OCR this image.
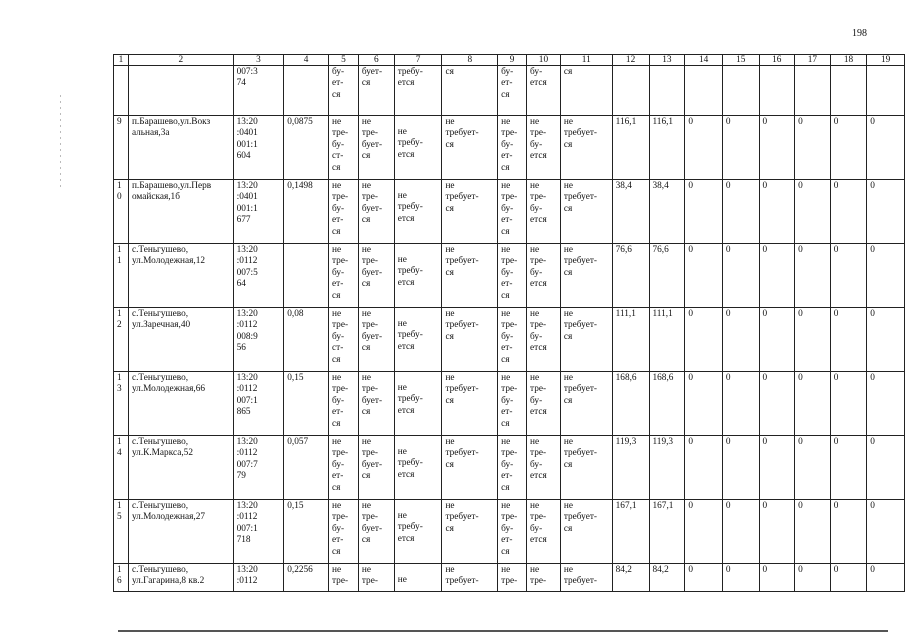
198
1	2	3	4	5	6	7	8	9	10	11	12	13	14	15	16	17	18	19

		007:3
74		бу-
ет-
ся	бует-
ся	требу-
ется	ся	бу-
ет-
ся	бу-
ется	ся								

9	п.Барашево,ул.Вокз
альная,3а	13:20
:0401
001:1
604	0,0875	не
тре-
бу-
ст-
ся	не
тре-
бует-
ся	не
требу-
ется	не
требует-
ся	не
тре-
бу-
ет-
ся	не
тре-
бу-
ется	не
требует-
ся	116,1	116,1	0	0	0	0	0	0

1
0	п.Барашево,ул.Перв
омайская,1б	13:20
:0401
001:1
677	0,1498	не
тре-
бу-
ет-
ся	не
тре-
бует-
ся	не
требу-
ется	не
требует-
ся	не
тре-
бу-
ет-
ся	не
тре-
бу-
ется	не
требует-
ся	38,4	38,4	0	0	0	0	0	0

1
1	с.Теньгушево,
ул.Молодежная,12	13:20
:0112
007:5
64		не
тре-
бу-
ет-
ся	не
тре-
бует-
ся	не
требу-
ется	не
требует-
ся	не
тре-
бу-
ет-
ся	не
тре-
бу-
ется	не
требует-
ся	76,6	76,6	0	0	0	0	0	0

1
2	с.Теньгушево,
ул.Заречная,40	13:20
:0112
008:9
56	0,08	не
тре-
бу-
ст-
ся	не
тре-
бует-
ся	не
требу-
ется	не
требует-
ся	не
тре-
бу-
ет-
ся	не
тре-
бу-
ется	не
требует-
ся	111,1	111,1	0	0	0	0	0	0

1
3	с.Теньгушево,
ул.Молодежная,66	13:20
:0112
007:1
865	0,15	не
тре-
бу-
ет-
ся	не
тре-
бует-
ся	не
требу-
ется	не
требует-
ся	не
тре-
бу-
ет-
ся	не
тре-
бу-
ется	не
требует-
ся	168,6	168,6	0	0	0	0	0	0

1
4	с.Теньгушево,
ул.К.Маркса,52	13:20
:0112
007:7
79	0,057	не
тре-
бу-
ет-
ся	не
тре-
бует-
ся	не
требу-
ется	не
требует-
ся	не
тре-
бу-
ет-
ся	не
тре-
бу-
ется	не
требует-
ся	119,3	119,3	0	0	0	0	0	0

1
5	с.Теньгушево,
ул.Молодежная,27	13:20
:0112
007:1
718	0,15	не
тре-
бу-
ет-
ся	не
тре-
бует-
ся	не
требу-
ется	не
требует-
ся	не
тре-
бу-
ет-
ся	не
тре-
бу-
ется	не
требует-
ся	167,1	167,1	0	0	0	0	0	0

1
6	с.Теньгушево,
ул.Гагарина,8 кв.2	13:20
:0112	0,2256	не
тре-	не
тре-	не	не
требует-	не
тре-	не
тре-	не
требует-	84,2	84,2	0	0	0	0	0	0
